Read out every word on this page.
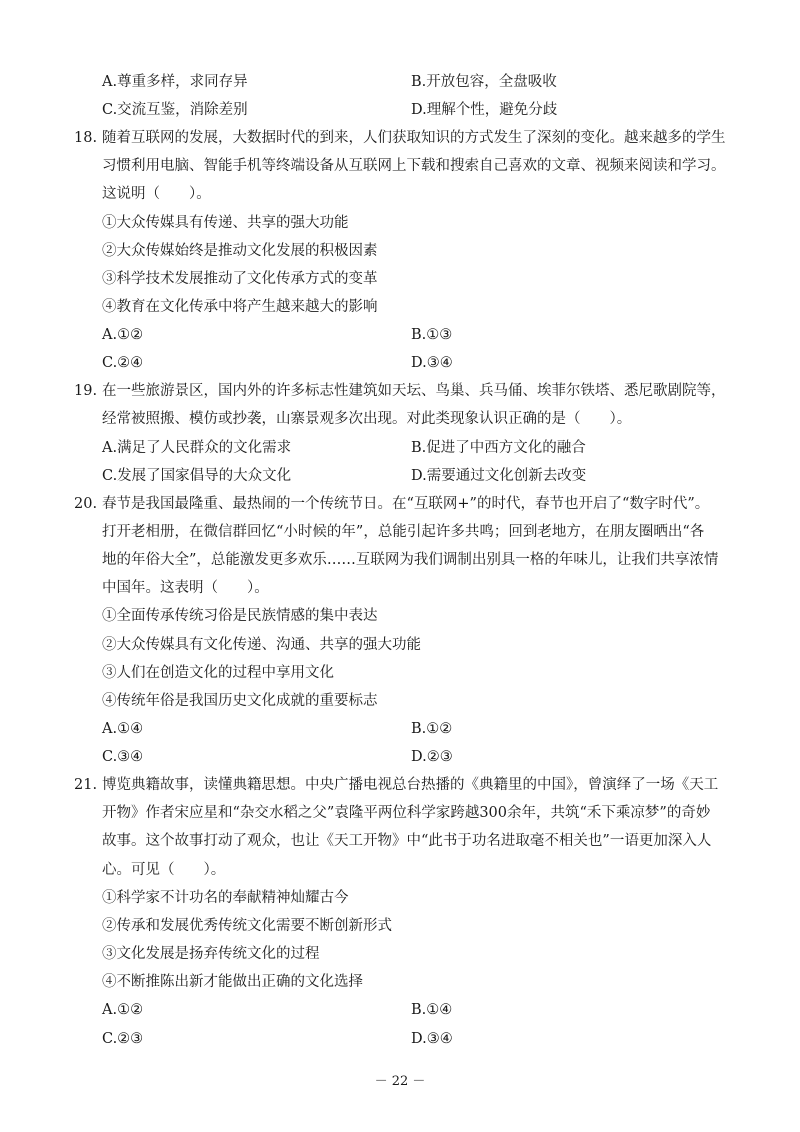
A.尊重多样，求同存异	B.开放包容，全盘吸收
C.交流互鉴，消除差别	D.理解个性，避免分歧
18. 随着互联网的发展，大数据时代的到来，人们获取知识的方式发生了深刻的变化。越来越多的学生
习惯利用电脑、智能手机等终端设备从互联网上下载和搜索自己喜欢的文章、视频来阅读和学习。
这说明（　　）。
①大众传媒具有传递、共享的强大功能
②大众传媒始终是推动文化发展的积极因素
③科学技术发展推动了文化传承方式的变革
④教育在文化传承中将产生越来越大的影响
A.①②	B.①③
C.②④	D.③④
19. 在一些旅游景区，国内外的许多标志性建筑如天坛、鸟巢、兵马俑、埃菲尔铁塔、悉尼歌剧院等，
经常被照搬、模仿或抄袭，山寨景观多次出现。对此类现象认识正确的是（　　）。
A.满足了人民群众的文化需求	B.促进了中西方文化的融合
C.发展了国家倡导的大众文化	D.需要通过文化创新去改变
20. 春节是我国最隆重、最热闹的一个传统节日。在“互联网+”的时代，春节也开启了“数字时代”。
打开老相册，在微信群回忆“小时候的年”，总能引起许多共鸣；回到老地方，在朋友圈晒出“各
地的年俗大全”，总能激发更多欢乐……互联网为我们调制出别具一格的年味儿，让我们共享浓情
中国年。这表明（　　）。
①全面传承传统习俗是民族情感的集中表达
②大众传媒具有文化传递、沟通、共享的强大功能
③人们在创造文化的过程中享用文化
④传统年俗是我国历史文化成就的重要标志
A.①④	B.①②
C.③④	D.②③
21. 博览典籍故事，读懂典籍思想。中央广播电视总台热播的《典籍里的中国》，曾演绎了一场《天工
开物》作者宋应星和“杂交水稻之父”袁隆平两位科学家跨越300余年，共筑“禾下乘凉梦”的奇妙
故事。这个故事打动了观众，也让《天工开物》中“此书于功名进取毫不相关也”一语更加深入人
心。可见（　　）。
①科学家不计功名的奉献精神灿耀古今
②传承和发展优秀传统文化需要不断创新形式
③文化发展是扬弃传统文化的过程
④不断推陈出新才能做出正确的文化选择
A.①②	B.①④
C.②③	D.③④
－ 22 －
